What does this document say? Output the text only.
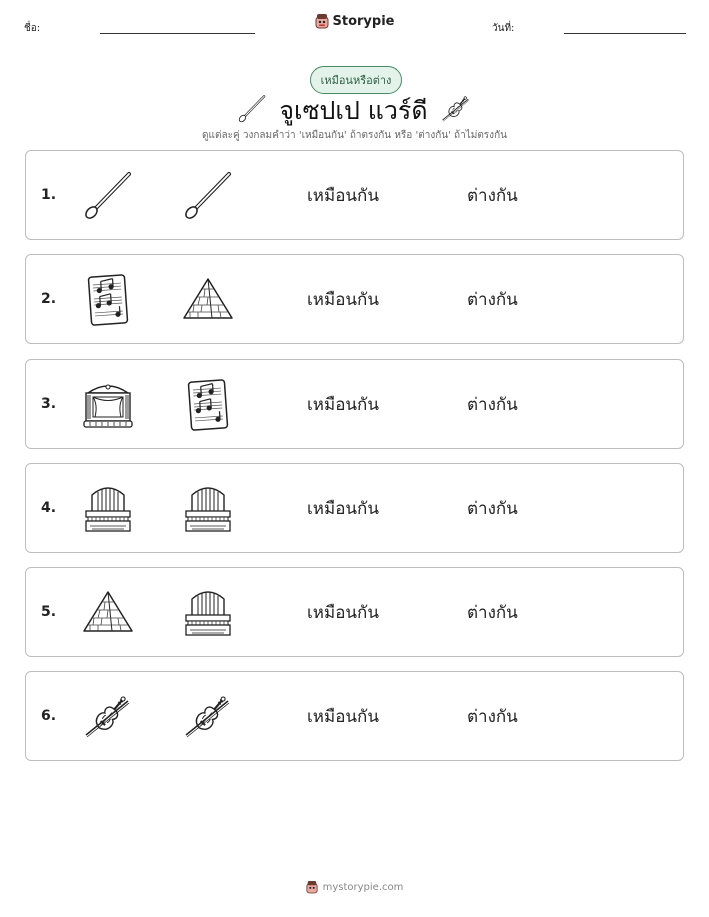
ชื่อ:	Storypie	วันที่:
เหมือนหรือต่าง
จูเซปเป แวร์ดี
ดูแต่ละคู่ วงกลมคำว่า 'เหมือนกัน' ถ้าตรงกัน หรือ 'ต่างกัน' ถ้าไม่ตรงกัน
1.	เหมือนกัน	ต่างกัน
2.	เหมือนกัน	ต่างกัน
3.	เหมือนกัน	ต่างกัน
4.	เหมือนกัน	ต่างกัน
5.	เหมือนกัน	ต่างกัน
6.	เหมือนกัน	ต่างกัน
mystorypie.com
